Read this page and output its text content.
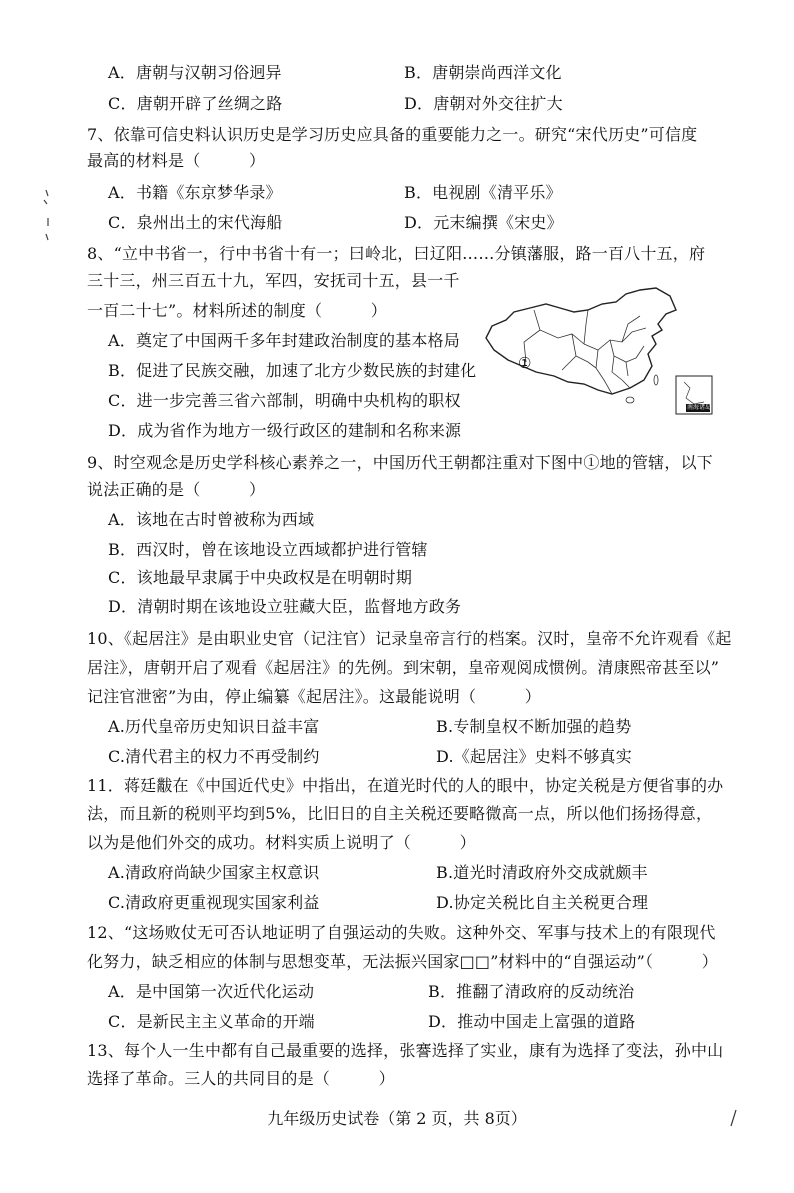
A．唐朝与汉朝习俗迥异	B．唐朝崇尚西洋文化
C．唐朝开辟了丝绸之路	D．唐朝对外交往扩大
7、依靠可信史料认识历史是学习历史应具备的重要能力之一。研究“宋代历史”可信度
最高的材料是（　　　）
A．书籍《东京梦华录》	B．电视剧《清平乐》
C．泉州出土的宋代海船	D．元末编撰《宋史》
8、“立中书省一，行中书省十有一；曰岭北，曰辽阳……分镇藩服，路一百八十五，府
三十三，州三百五十九，军四，安抚司十五，县一千
一百二十七”。材料所述的制度（　　　）
A．奠定了中国两千多年封建政治制度的基本格局
B．促进了民族交融，加速了北方少数民族的封建化
C．进一步完善三省六部制，明确中央机构的职权
D．成为省作为地方一级行政区的建制和名称来源
①
南海诸岛
9、时空观念是历史学科核心素养之一，中国历代王朝都注重对下图中①地的管辖，以下
说法正确的是（　　　）
A．该地在古时曾被称为西域
B．西汉时，曾在该地设立西域都护进行管辖
C．该地最早隶属于中央政权是在明朝时期
D．清朝时期在该地设立驻藏大臣，监督地方政务
10、《起居注》是由职业史官（记注官）记录皇帝言行的档案。汉时，皇帝不允许观看《起
居注》，唐朝开启了观看《起居注》的先例。到宋朝，皇帝观阅成惯例。清康熙帝甚至以”
记注官泄密”为由，停止编纂《起居注》。这最能说明（　　　）
A.历代皇帝历史知识日益丰富	B.专制皇权不断加强的趋势
C.清代君主的权力不再受制约	D.《起居注》史料不够真实
11．蒋廷黻在《中国近代史》中指出，在道光时代的人的眼中，协定关税是方便省事的办
法，而且新的税则平均到5%，比旧日的自主关税还要略微高一点，所以他们扬扬得意，
以为是他们外交的成功。材料实质上说明了（　　　）
A.清政府尚缺少国家主权意识	B.道光时清政府外交成就颇丰
C.清政府更重视现实国家利益	D.协定关税比自主关税更合理
12、“这场败仗无可否认地证明了自强运动的失败。这种外交、军事与技术上的有限现代
化努力，缺乏相应的体制与思想变革，无法振兴国家□□”材料中的“自强运动”（　　　）
A．是中国第一次近代化运动	B．推翻了清政府的反动统治
C．是新民主主义革命的开端	D．推动中国走上富强的道路
13、每个人一生中都有自己最重要的选择，张謇选择了实业，康有为选择了变法，孙中山
选择了革命。三人的共同目的是（　　　）
九年级历史试卷（第 2 页，共 8页）
